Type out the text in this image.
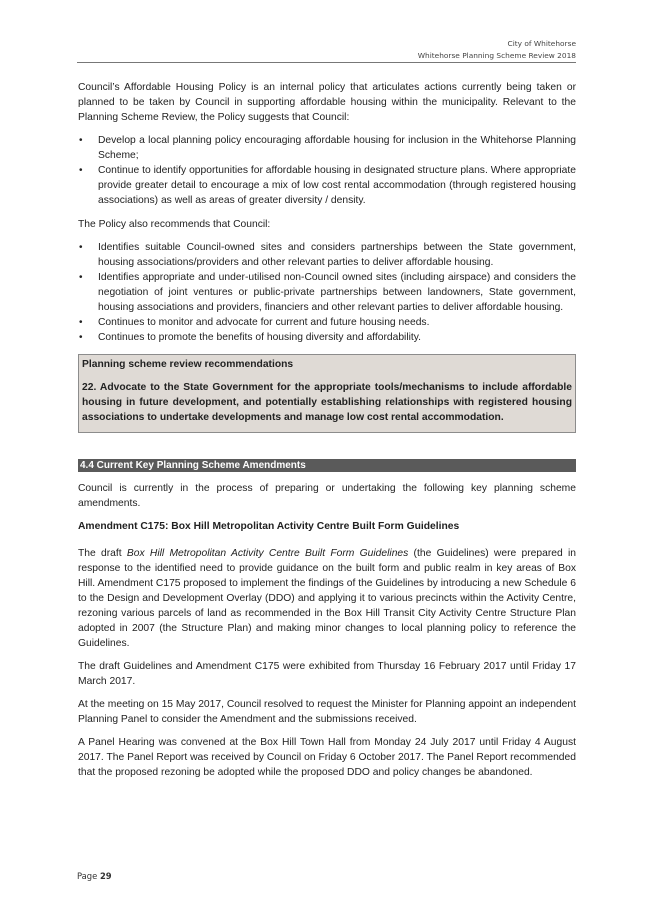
City of Whitehorse
Whitehorse Planning Scheme Review 2018

Council’s Affordable Housing Policy is an internal policy that articulates actions currently being taken or planned to be taken by Council in supporting affordable housing within the municipality. Relevant to the Planning Scheme Review, the Policy suggests that Council:

• Develop a local planning policy encouraging affordable housing for inclusion in the Whitehorse Planning Scheme;
• Continue to identify opportunities for affordable housing in designated structure plans. Where appropriate provide greater detail to encourage a mix of low cost rental accommodation (through registered housing associations) as well as areas of greater diversity / density.

The Policy also recommends that Council:

• Identifies suitable Council-owned sites and considers partnerships between the State government, housing associations/providers and other relevant parties to deliver affordable housing.
• Identifies appropriate and under-utilised non-Council owned sites (including airspace) and considers the negotiation of joint ventures or public-private partnerships between landowners, State government, housing associations and providers, financiers and other relevant parties to deliver affordable housing.
• Continues to monitor and advocate for current and future housing needs.
• Continues to promote the benefits of housing diversity and affordability.
Planning scheme review recommendations

22. Advocate to the State Government for the appropriate tools/mechanisms to include affordable housing in future development, and potentially establishing relationships with registered housing associations to undertake developments and manage low cost rental accommodation.

4.4 Current Key Planning Scheme Amendments

Council is currently in the process of preparing or undertaking the following key planning scheme amendments.

Amendment C175: Box Hill Metropolitan Activity Centre Built Form Guidelines

The draft Box Hill Metropolitan Activity Centre Built Form Guidelines (the Guidelines) were prepared in response to the identified need to provide guidance on the built form and public realm in key areas of Box Hill. Amendment C175 proposed to implement the findings of the Guidelines by introducing a new Schedule 6 to the Design and Development Overlay (DDO) and applying it to various precincts within the Activity Centre, rezoning various parcels of land as recommended in the Box Hill Transit City Activity Centre Structure Plan adopted in 2007 (the Structure Plan) and making minor changes to local planning policy to reference the Guidelines.

The draft Guidelines and Amendment C175 were exhibited from Thursday 16 February 2017 until Friday 17 March 2017.

At the meeting on 15 May 2017, Council resolved to request the Minister for Planning appoint an independent Planning Panel to consider the Amendment and the submissions received.

A Panel Hearing was convened at the Box Hill Town Hall from Monday 24 July 2017 until Friday 4 August 2017. The Panel Report was received by Council on Friday 6 October 2017. The Panel Report recommended that the proposed rezoning be adopted while the proposed DDO and policy changes be abandoned.

Page 29
